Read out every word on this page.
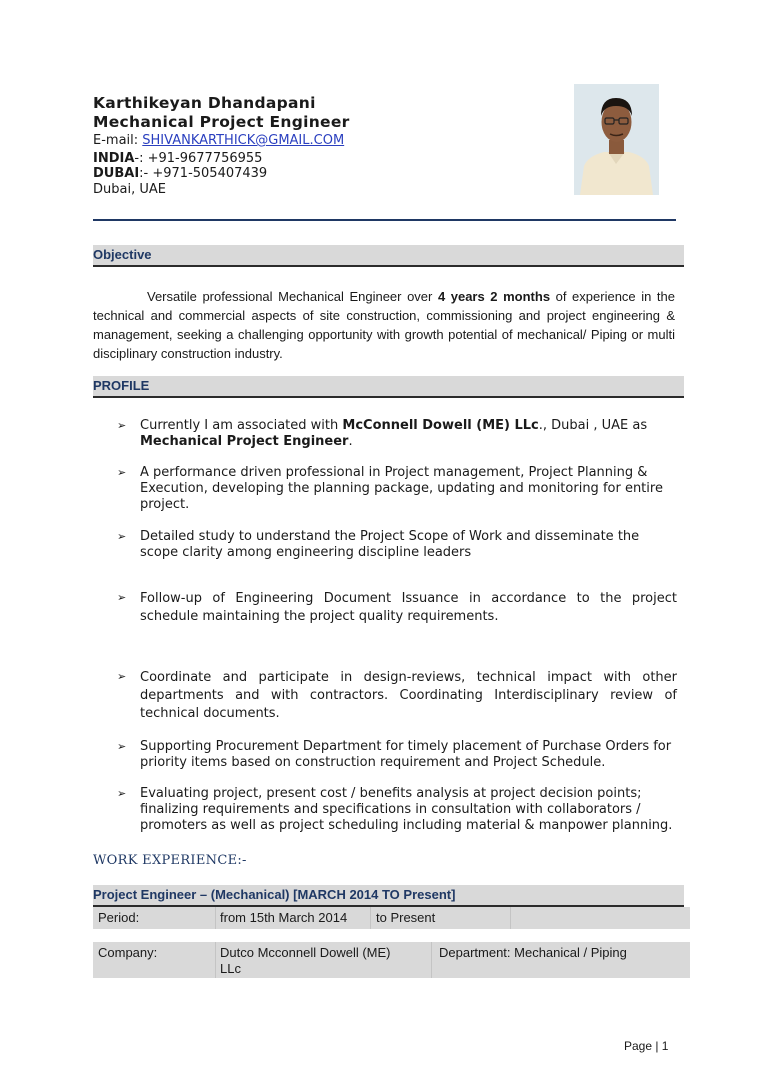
Karthikeyan Dhandapani
Mechanical Project Engineer
E-mail: SHIVANKARTHICK@GMAIL.COM
INDIA-: +91-9677756955
DUBAI:- +971-505407439
Dubai, UAE
Objective
Versatile professional Mechanical Engineer over 4 years 2 months of experience in the technical and commercial aspects of site construction, commissioning and project engineering & management, seeking a challenging opportunity with growth potential of mechanical/ Piping or multi disciplinary construction industry.
PROFILE
➢ Currently I am associated with McConnell Dowell (ME) LLc., Dubai , UAE as
Mechanical Project Engineer.
➢ A performance driven professional in Project management, Project Planning & Execution, developing the planning package, updating and monitoring for entire project.
➢ Detailed study to understand the Project Scope of Work and disseminate the scope clarity among engineering discipline leaders
➢ Follow-up of Engineering Document Issuance in accordance to the project schedule maintaining the project quality requirements.
➢ Coordinate and participate in design-reviews, technical impact with other departments and with contractors. Coordinating Interdisciplinary review of technical documents.
➢ Supporting Procurement Department for timely placement of Purchase Orders for priority items based on construction requirement and Project Schedule.
➢ Evaluating project, present cost / benefits analysis at project decision points; finalizing requirements and specifications in consultation with collaborators / promoters as well as project scheduling including material & manpower planning.
WORK EXPERIENCE:-
Project Engineer – (Mechanical) [MARCH 2014 TO Present]
Period:	from 15th March 2014 to Present
Company:	Dutco Mcconnell Dowell (ME) LLc
Department: Mechanical / Piping
Page | 1
